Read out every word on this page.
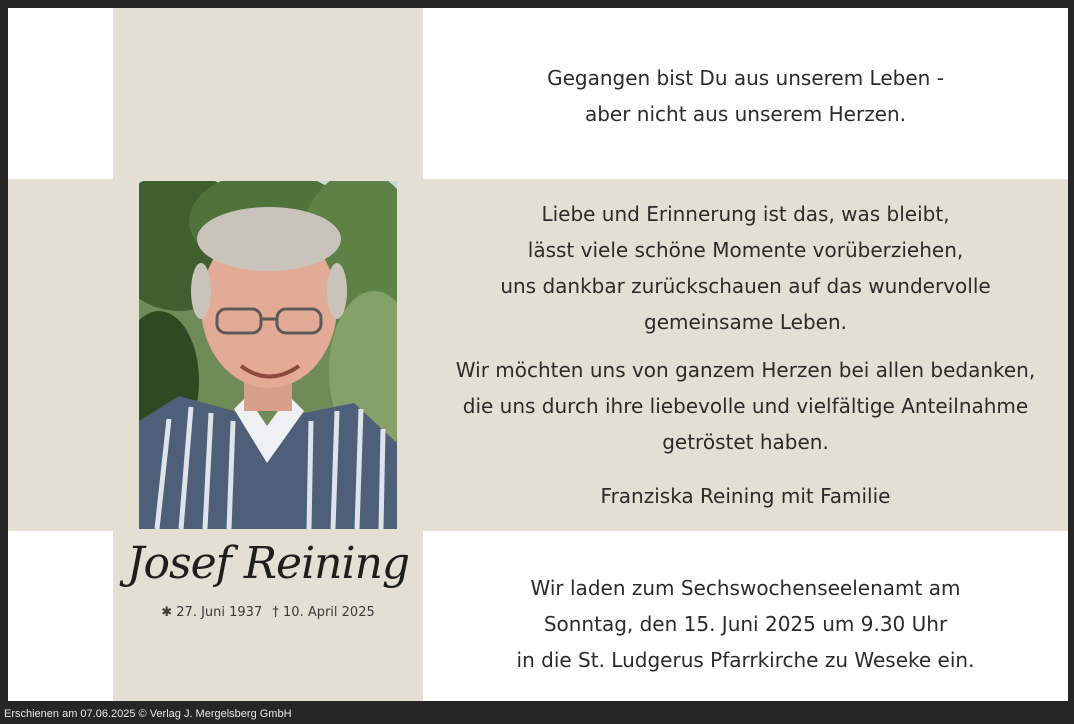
Josef Reining
✱ 27. Juni 1937 † 10. April 2025

Gegangen bist Du aus unserem Leben -

aber nicht aus unserem Herzen.

Liebe und Erinnerung ist das, was bleibt,

lässt viele schöne Momente vorüberziehen,

uns dankbar zurückschauen auf das wundervolle

gemeinsame Leben.

Wir möchten uns von ganzem Herzen bei allen bedanken,

die uns durch ihre liebevolle und vielfältige Anteilnahme

getröstet haben.

Franziska Reining mit Familie

Wir laden zum Sechswochenseelenamt am

Sonntag, den 15. Juni 2025 um 9.30 Uhr

in die St. Ludgerus Pfarrkirche zu Weseke ein.

Erschienen am 07.06.2025 © Verlag J. Mergelsberg GmbH
